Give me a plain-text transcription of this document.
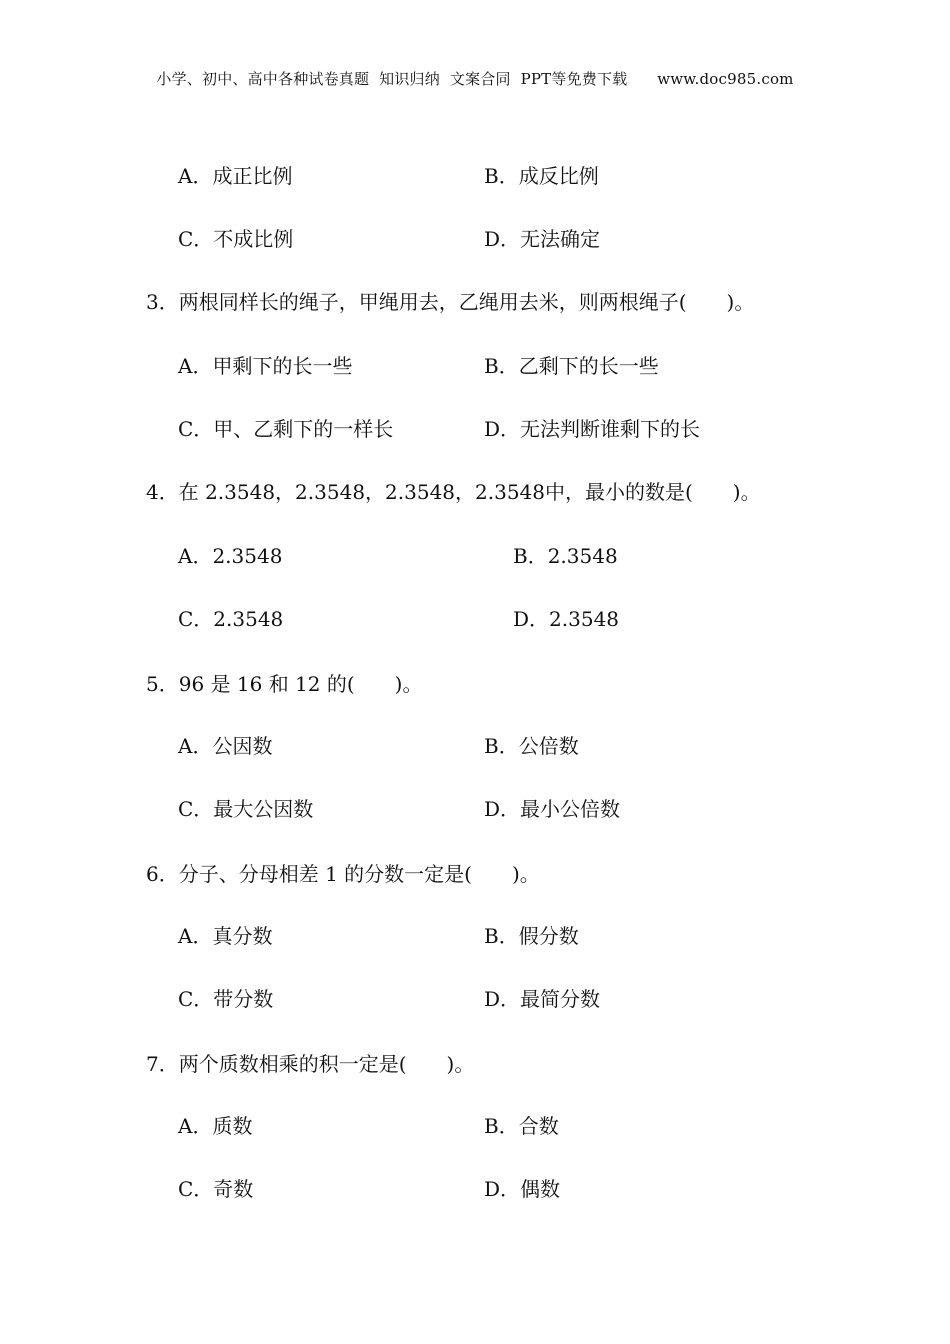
小学、初中、高中各种试卷真题  知识归纳  文案合同  PPT等免费下载      www.doc985.com
A．成正比例	B．成反比例
C．不成比例	D．无法确定
3．两根同样长的绳子，甲绳用去，乙绳用去米，则两根绳子(　　)。
A．甲剩下的长一些	B．乙剩下的长一些
C．甲、乙剩下的一样长	D．无法判断谁剩下的长
4．在 2.3548，2.3548，2.3548，2.3548中，最小的数是(　　)。
A．2.3548	B．2.3548
C．2.3548	D．2.3548
5．96 是 16 和 12 的(　　)。
A．公因数	B．公倍数
C．最大公因数	D．最小公倍数
6．分子、分母相差 1 的分数一定是(　　)。
A．真分数	B．假分数
C．带分数	D．最简分数
7．两个质数相乘的积一定是(　　)。
A．质数	B．合数
C．奇数	D．偶数
